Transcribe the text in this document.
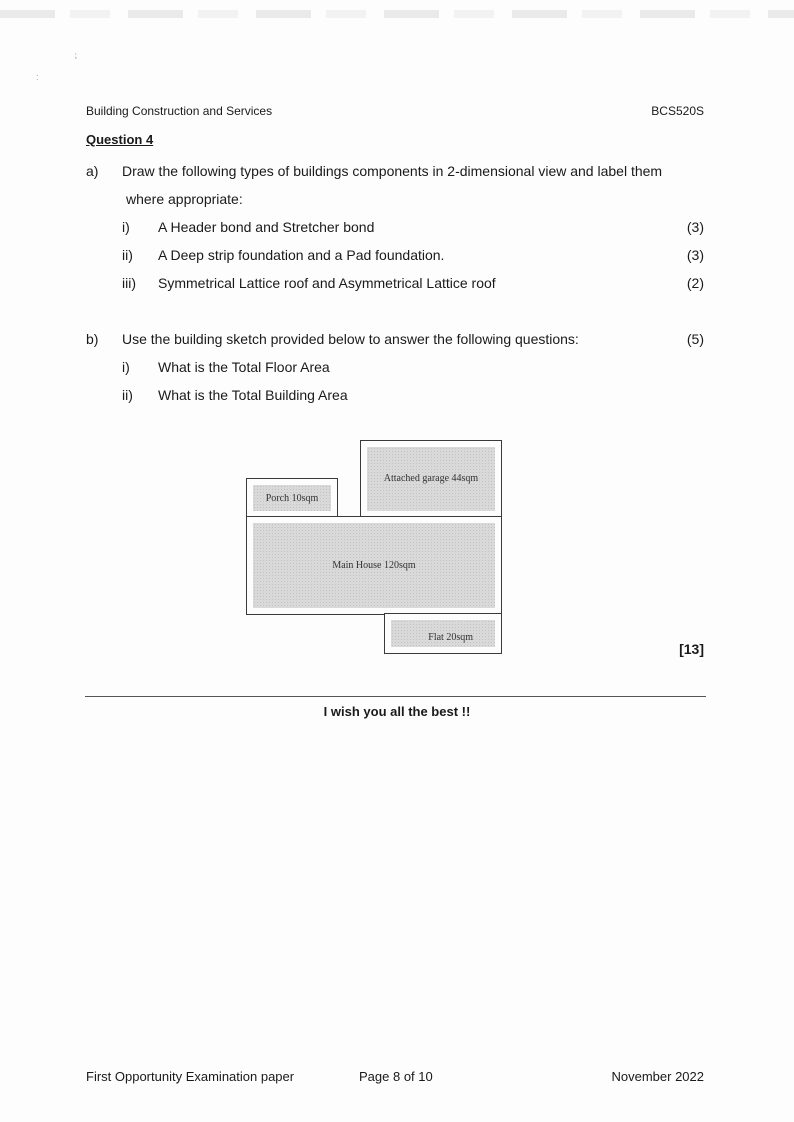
⁏
:
Building Construction and Services	BCS520S
Question 4
a) Draw the following types of buildings components in 2-dimensional view and label them
where appropriate:
i) A Header bond and Stretcher bond	(3)
ii) A Deep strip foundation and a Pad foundation.	(3)
iii) Symmetrical Lattice roof and Asymmetrical Lattice roof	(2)
b) Use the building sketch provided below to answer the following questions:	(5)
i) What is the Total Floor Area
ii) What is the Total Building Area
Attached garage 44sqm
Porch 10sqm
Main House 120sqm
Flat 20sqm
[13]
I wish you all the best !!
First Opportunity Examination paper	Page 8 of 10	November 2022
